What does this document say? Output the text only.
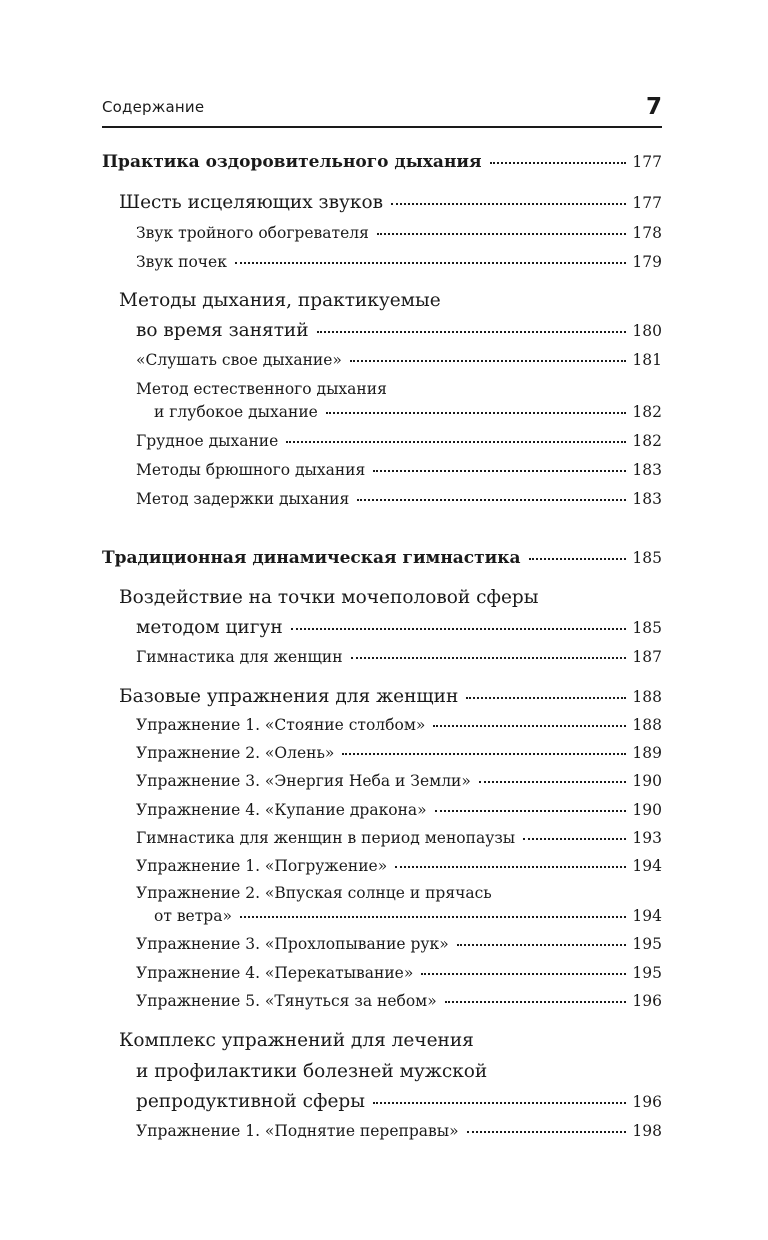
Содержание	7
Практика оздоровительного дыхания	177
Шесть исцеляющих звуков	177
Звук тройного обогревателя	178
Звук почек	179
Методы дыхания, практикуемые
во время занятий	180
«Слушать свое дыхание»	181
Метод естественного дыхания
и глубокое дыхание	182
Грудное дыхание	182
Методы брюшного дыхания	183
Метод задержки дыхания	183
Традиционная динамическая гимнастика	185
Воздействие на точки мочеполовой сферы
методом цигун	185
Гимнастика для женщин	187
Базовые упражнения для женщин	188
Упражнение 1. «Стояние столбом»	188
Упражнение 2. «Олень»	189
Упражнение 3. «Энергия Неба и Земли»	190
Упражнение 4. «Купание дракона»	190
Гимнастика для женщин в период менопаузы	193
Упражнение 1. «Погружение»	194
Упражнение 2. «Впуская солнце и прячась
от ветра»	194
Упражнение 3. «Прохлопывание рук»	195
Упражнение 4. «Перекатывание»	195
Упражнение 5. «Тянуться за небом»	196
Комплекс упражнений для лечения
и профилактики болезней мужской
репродуктивной сферы	196
Упражнение 1. «Поднятие переправы»	198
